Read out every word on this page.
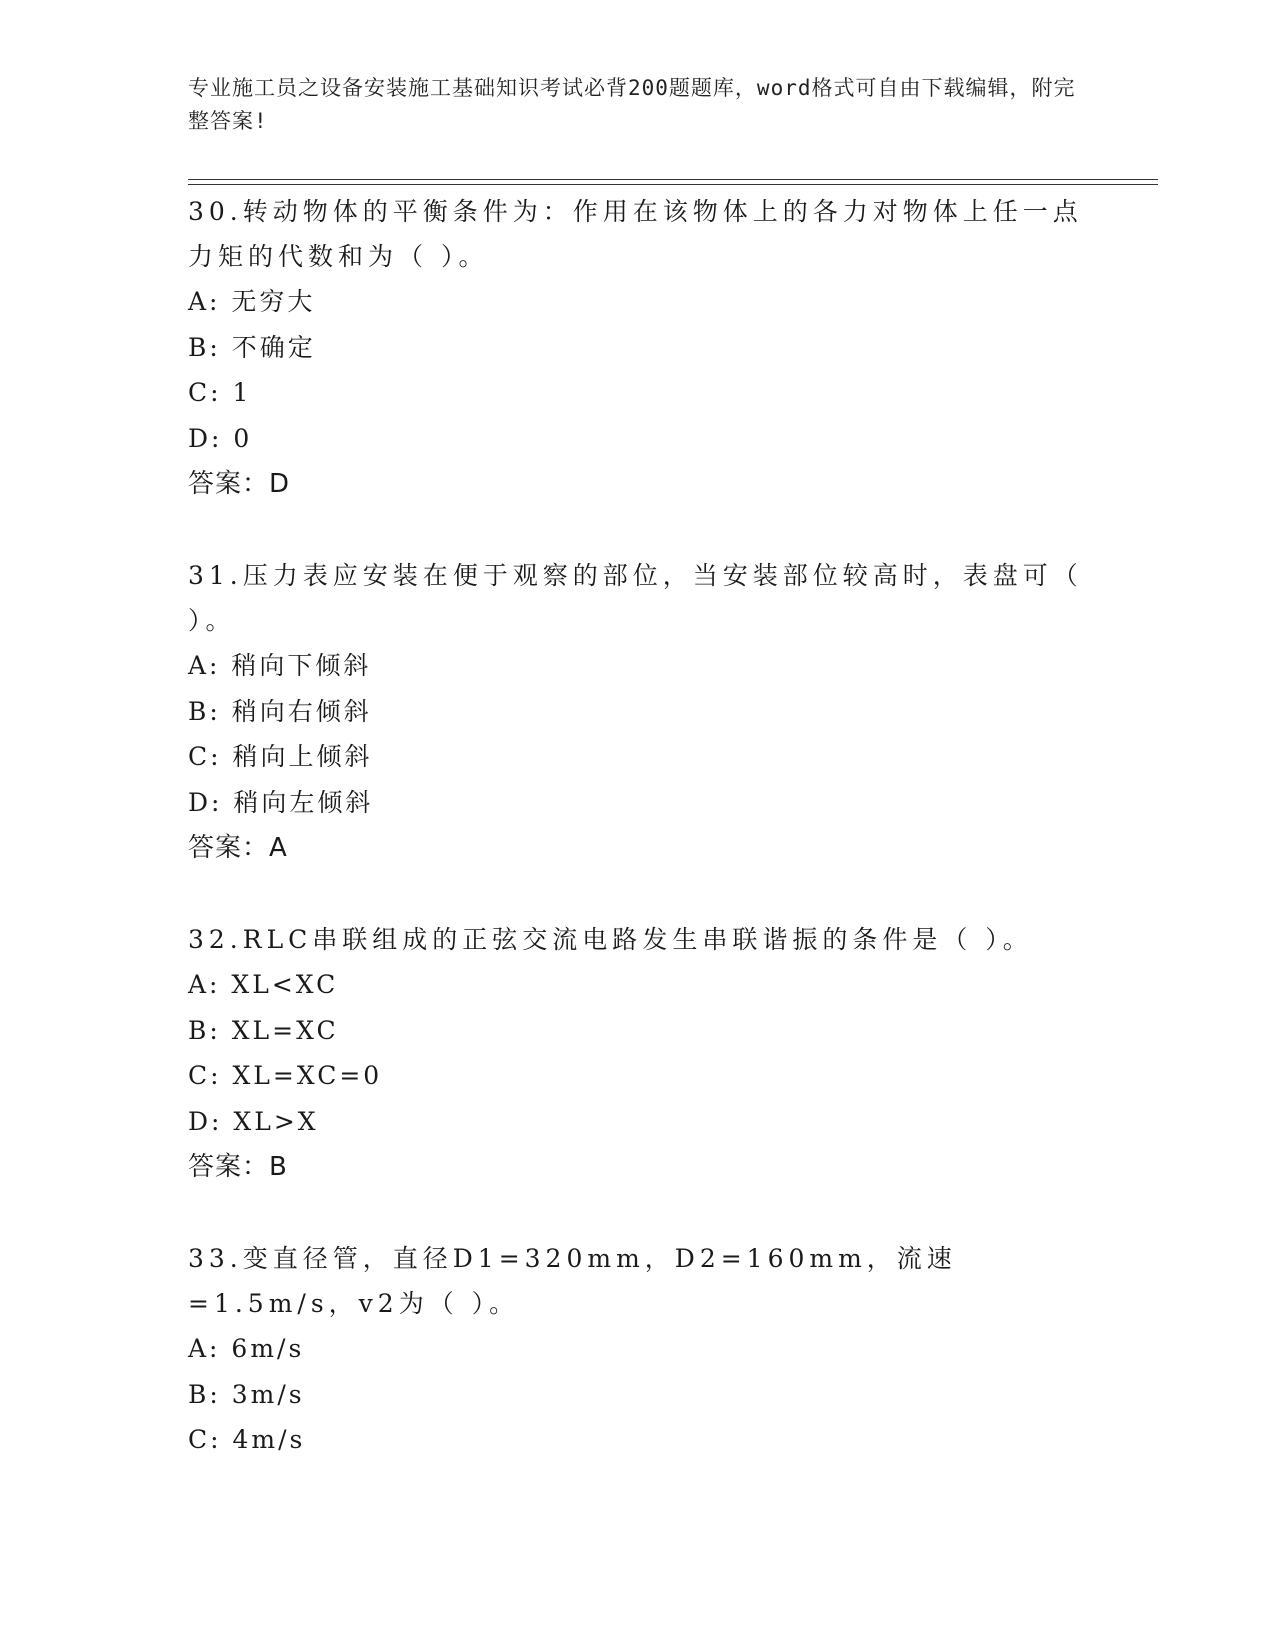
专业施工员之设备安装施工基础知识考试必背200题题库，word格式可自由下载编辑，附完整答案!

30.转动物体的平衡条件为：作用在该物体上的各力对物体上任一点力矩的代数和为（ ）。

A: 无穷大

B: 不确定

C: 1

D: 0

答案：D

31.压力表应安装在便于观察的部位，当安装部位较高时，表盘可（ ）。

A: 稍向下倾斜

B: 稍向右倾斜

C: 稍向上倾斜

D: 稍向左倾斜

答案：A

32.RLC串联组成的正弦交流电路发生串联谐振的条件是（ ）。

A: XL<XC

B: XL=XC

C: XL=XC=0

D: XL>X

答案：B

33.变直径管，直径D1=320mm，D2=160mm，流速=1.5m/s，v2为（ ）。

A: 6m/s

B: 3m/s

C: 4m/s
